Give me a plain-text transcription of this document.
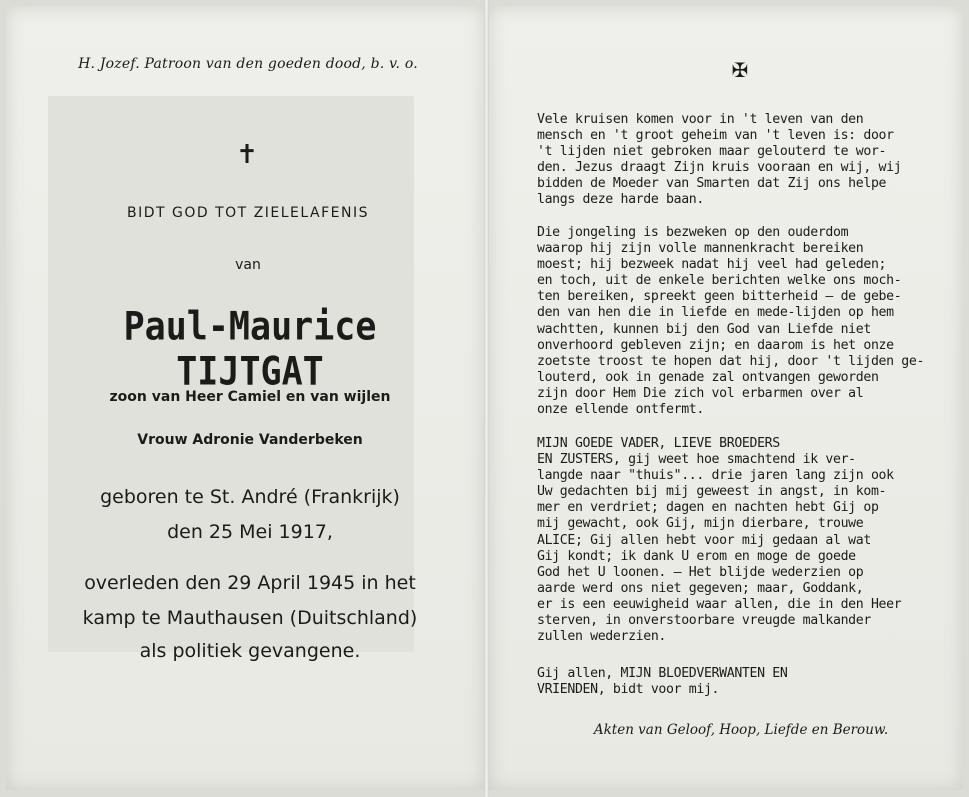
H. Jozef. Patroon van den goeden dood, b. v. o.
✝
BIDT GOD TOT ZIELELAFENIS
van
Paul-Maurice TIJTGAT
zoon van Heer Camiel en van wijlen
Vrouw Adronie Vanderbeken
geboren te St. André (Frankrijk)
den 25 Mei 1917,
overleden den 29 April 1945 in het
kamp te Mauthausen (Duitschland)
als politiek gevangene.
✠
Vele kruisen komen voor in 't leven van den
mensch en 't groot geheim van 't leven is: door
't lijden niet gebroken maar gelouterd te wor-
den. Jezus draagt Zijn kruis vooraan en wij, wij
bidden de Moeder van Smarten dat Zij ons helpe
langs deze harde baan.
Die jongeling is bezweken op den ouderdom
waarop hij zijn volle mannenkracht bereiken
moest; hij bezweek nadat hij veel had geleden;
en toch, uit de enkele berichten welke ons moch-
ten bereiken, spreekt geen bitterheid — de gebe-
den van hen die in liefde en mede-lijden op hem
wachtten, kunnen bij den God van Liefde niet
onverhoord gebleven zijn; en daarom is het onze
zoetste troost te hopen dat hij, door 't lijden ge-
louterd, ook in genade zal ontvangen geworden
zijn door Hem Die zich vol erbarmen over al
onze ellende ontfermt.
MIJN GOEDE VADER, LIEVE BROEDERS
EN ZUSTERS, gij weet hoe smachtend ik ver-
langde naar "thuis"... drie jaren lang zijn ook
Uw gedachten bij mij geweest in angst, in kom-
mer en verdriet; dagen en nachten hebt Gij op
mij gewacht, ook Gij, mijn dierbare, trouwe
ALICE; Gij allen hebt voor mij gedaan al wat
Gij kondt; ik dank U erom en moge de goede
God het U loonen. — Het blijde wederzien op
aarde werd ons niet gegeven; maar, Goddank,
er is een eeuwigheid waar allen, die in den Heer
sterven, in onverstoorbare vreugde malkander
zullen wederzien.
Gij allen, MIJN BLOEDVERWANTEN EN
VRIENDEN, bidt voor mij.
Akten van Geloof, Hoop, Liefde en Berouw.
